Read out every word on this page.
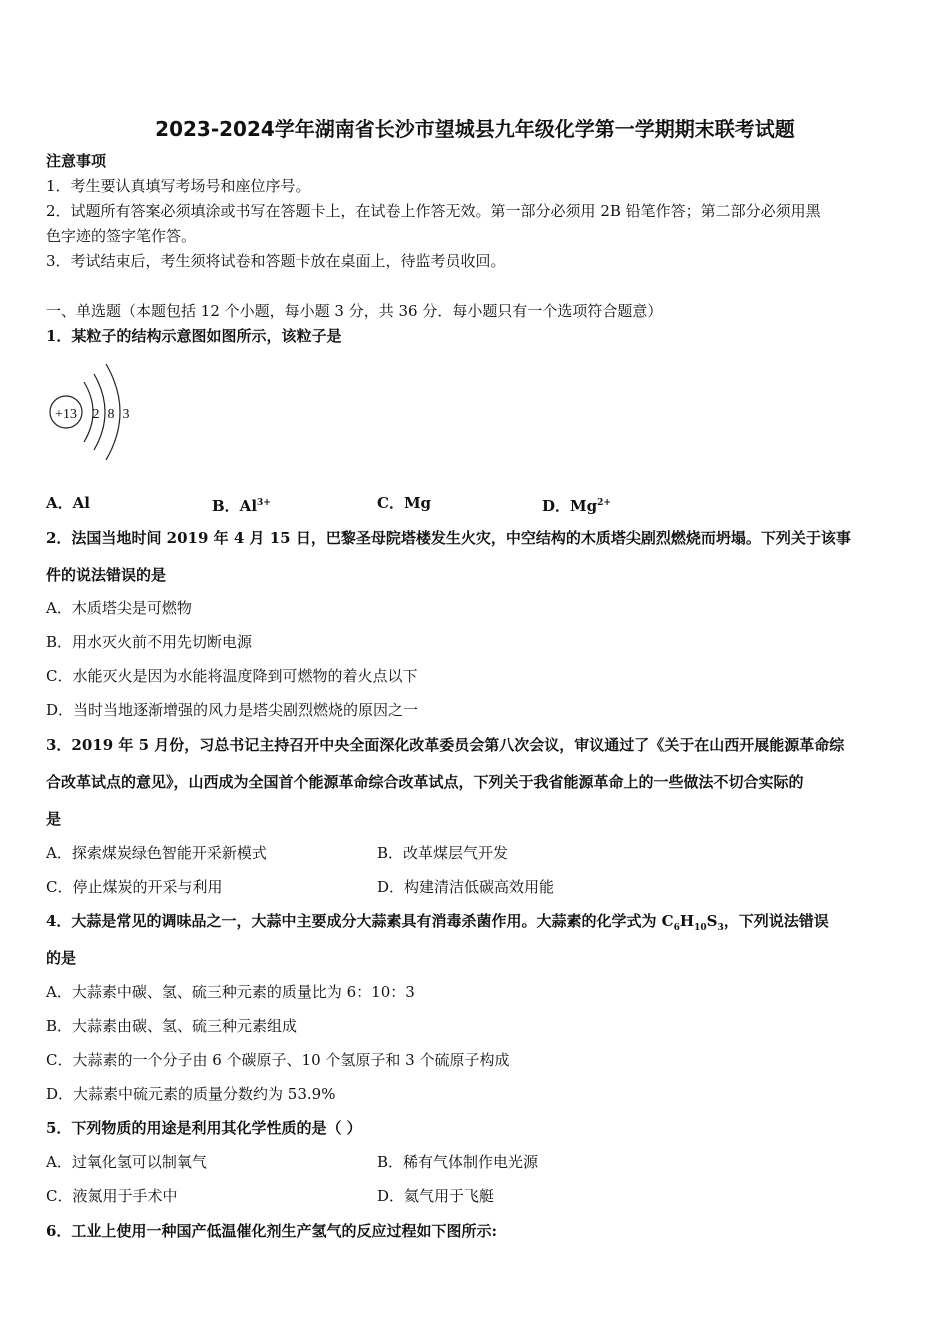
2023-2024学年湖南省长沙市望城县九年级化学第一学期期末联考试题
注意事项
1．考生要认真填写考场号和座位序号。
2．试题所有答案必须填涂或书写在答题卡上，在试卷上作答无效。第一部分必须用 2B 铅笔作答；第二部分必须用黑
色字迹的签字笔作答。
3．考试结束后，考生须将试卷和答题卡放在桌面上，待监考员收回。
一、单选题（本题包括 12 个小题，每小题 3 分，共 36 分．每小题只有一个选项符合题意）
1．某粒子的结构示意图如图所示，该粒子是
+13 2 8 3
A．Al	B．$Al^{3+}$	C．Mg	D．$Mg^{2+}$
2．法国当地时间 2019 年 4 月 15 日，巴黎圣母院塔楼发生火灾，中空结构的木质塔尖剧烈燃烧而坍塌。下列关于该事
件的说法错误的是
A．木质塔尖是可燃物
B．用水灭火前不用先切断电源
C．水能灭火是因为水能将温度降到可燃物的着火点以下
D．当时当地逐渐增强的风力是塔尖剧烈燃烧的原因之一
3．2019 年 5 月份，习总书记主持召开中央全面深化改革委员会第八次会议，审议通过了《关于在山西开展能源革命综
合改革试点的意见》，山西成为全国首个能源革命综合改革试点，下列关于我省能源革命上的一些做法不切合实际的
是
A．探索煤炭绿色智能开采新模式	B．改革煤层气开发
C．停止煤炭的开采与利用	D．构建清洁低碳高效用能
4．大蒜是常见的调味品之一，大蒜中主要成分大蒜素具有消毒杀菌作用。大蒜素的化学式为 $C_6H_{10}S_3$，下列说法错误
的是
A．大蒜素中碳、氢、硫三种元素的质量比为 6：10：3
B．大蒜素由碳、氢、硫三种元素组成
C．大蒜素的一个分子由 6 个碳原子、10 个氢原子和 3 个硫原子构成
D．大蒜素中硫元素的质量分数约为 53.9%
5．下列物质的用途是利用其化学性质的是（ ）
A．过氧化氢可以制氧气	B．稀有气体制作电光源
C．液氮用于手术中	D．氦气用于飞艇
6．工业上使用一种国产低温催化剂生产氢气的反应过程如下图所示:
